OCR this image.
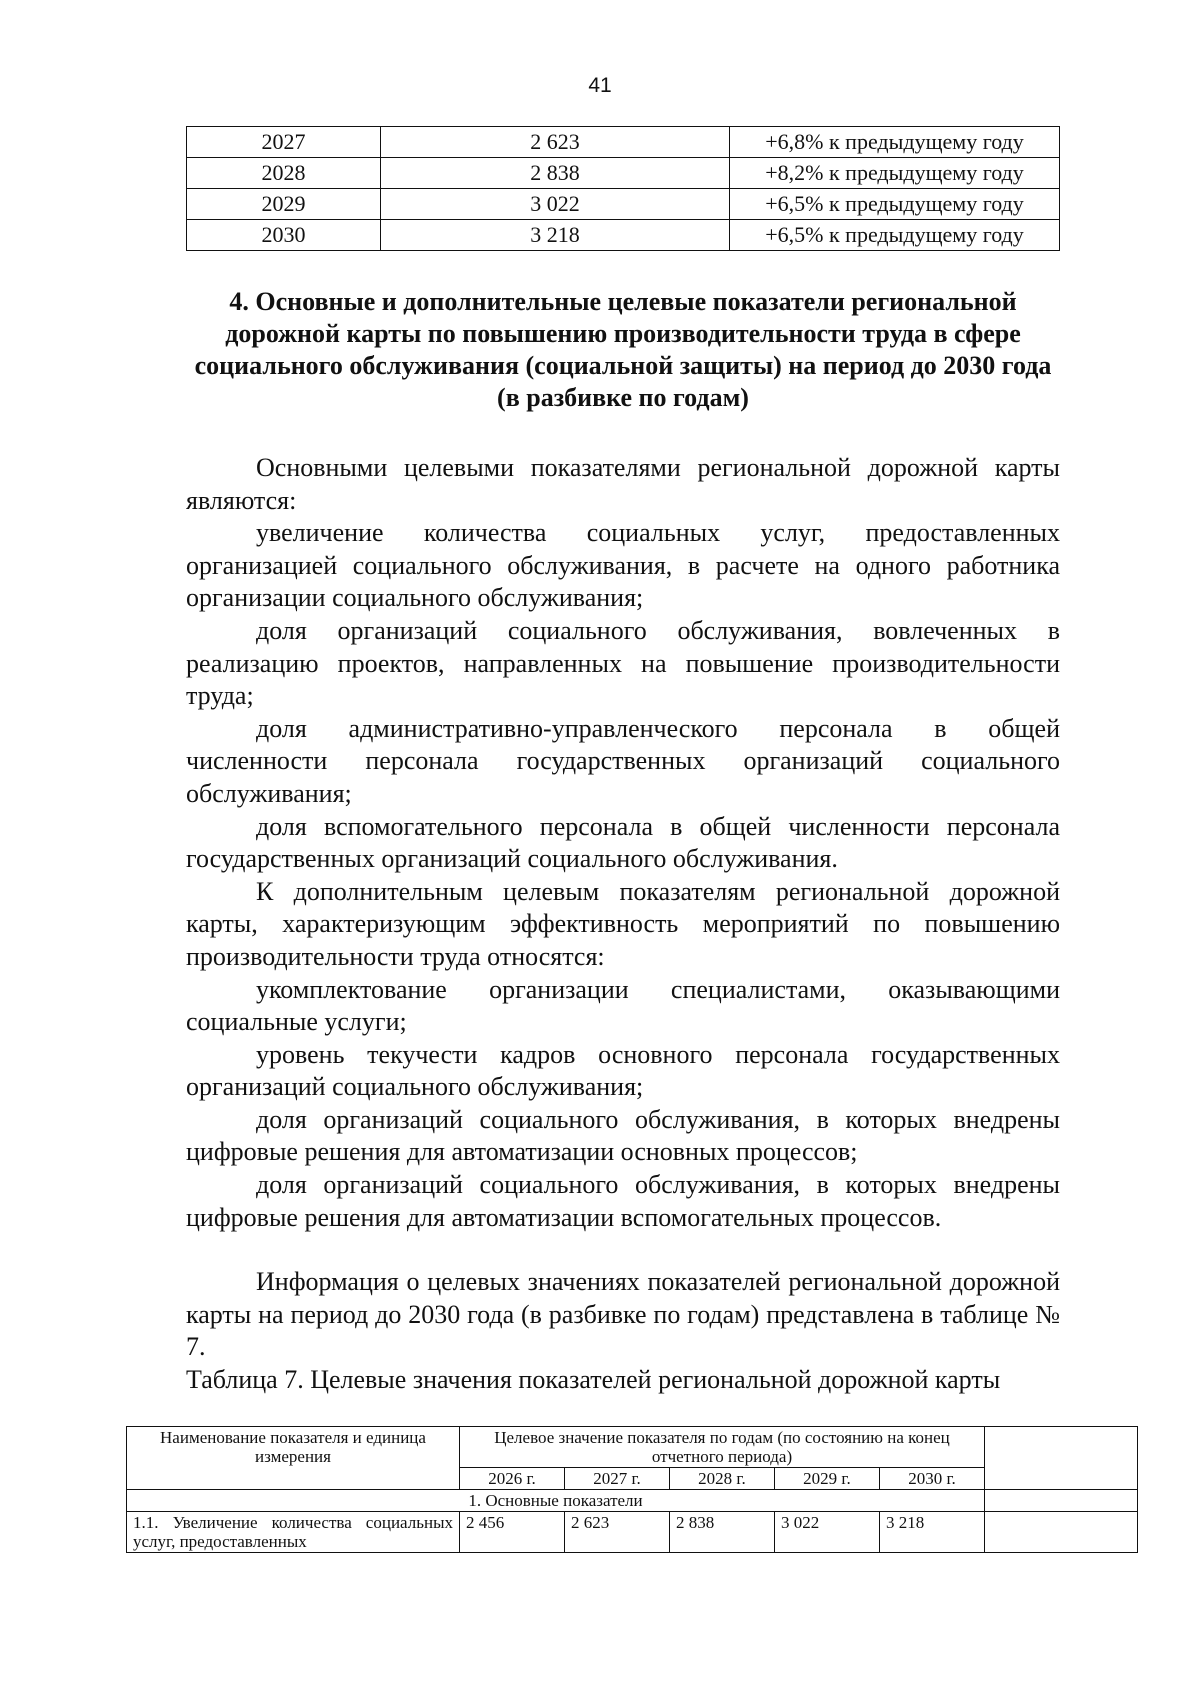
41
2027	2 623	+6,8% к предыдущему году
2028	2 838	+8,2% к предыдущему году
2029	3 022	+6,5% к предыдущему году
2030	3 218	+6,5% к предыдущему году
4. Основные и дополнительные целевые показатели региональной дорожной карты по повышению производительности труда в сфере социального обслуживания (социальной защиты) на период до 2030 года (в разбивке по годам)

Основными целевыми показателями региональной дорожной карты являются:

увеличение количества социальных услуг, предоставленных организацией социального обслуживания, в расчете на одного работника организации социального обслуживания;

доля организаций социального обслуживания, вовлеченных в реализацию проектов, направленных на повышение производительности труда;

доля административно-управленческого персонала в общей численности персонала государственных организаций социального обслуживания;

доля вспомогательного персонала в общей численности персонала государственных организаций социального обслуживания.

К дополнительным целевым показателям региональной дорожной карты, характеризующим эффективность мероприятий по повышению производительности труда относятся:

укомплектование организации специалистами, оказывающими социальные услуги;

уровень текучести кадров основного персонала государственных организаций социального обслуживания;

доля организаций социального обслуживания, в которых внедрены цифровые решения для автоматизации основных процессов;

доля организаций социального обслуживания, в которых внедрены цифровые решения для автоматизации вспомогательных процессов.

Информация о целевых значениях показателей региональной дорожной карты на период до 2030 года (в разбивке по годам) представлена в таблице № 7.

Таблица 7. Целевые значения показателей региональной дорожной карты

Наименование показателя и единица измерения	Целевое значение показателя по годам (по состоянию на конец отчетного периода)					
	2026 г.	2027 г.	2028 г.	2029 г.	2030 г.	
1. Основные показатели						
1.1. Увеличение количества социальных услуг, предоставленных	2 456	2 623	2 838	3 022	3 218	
